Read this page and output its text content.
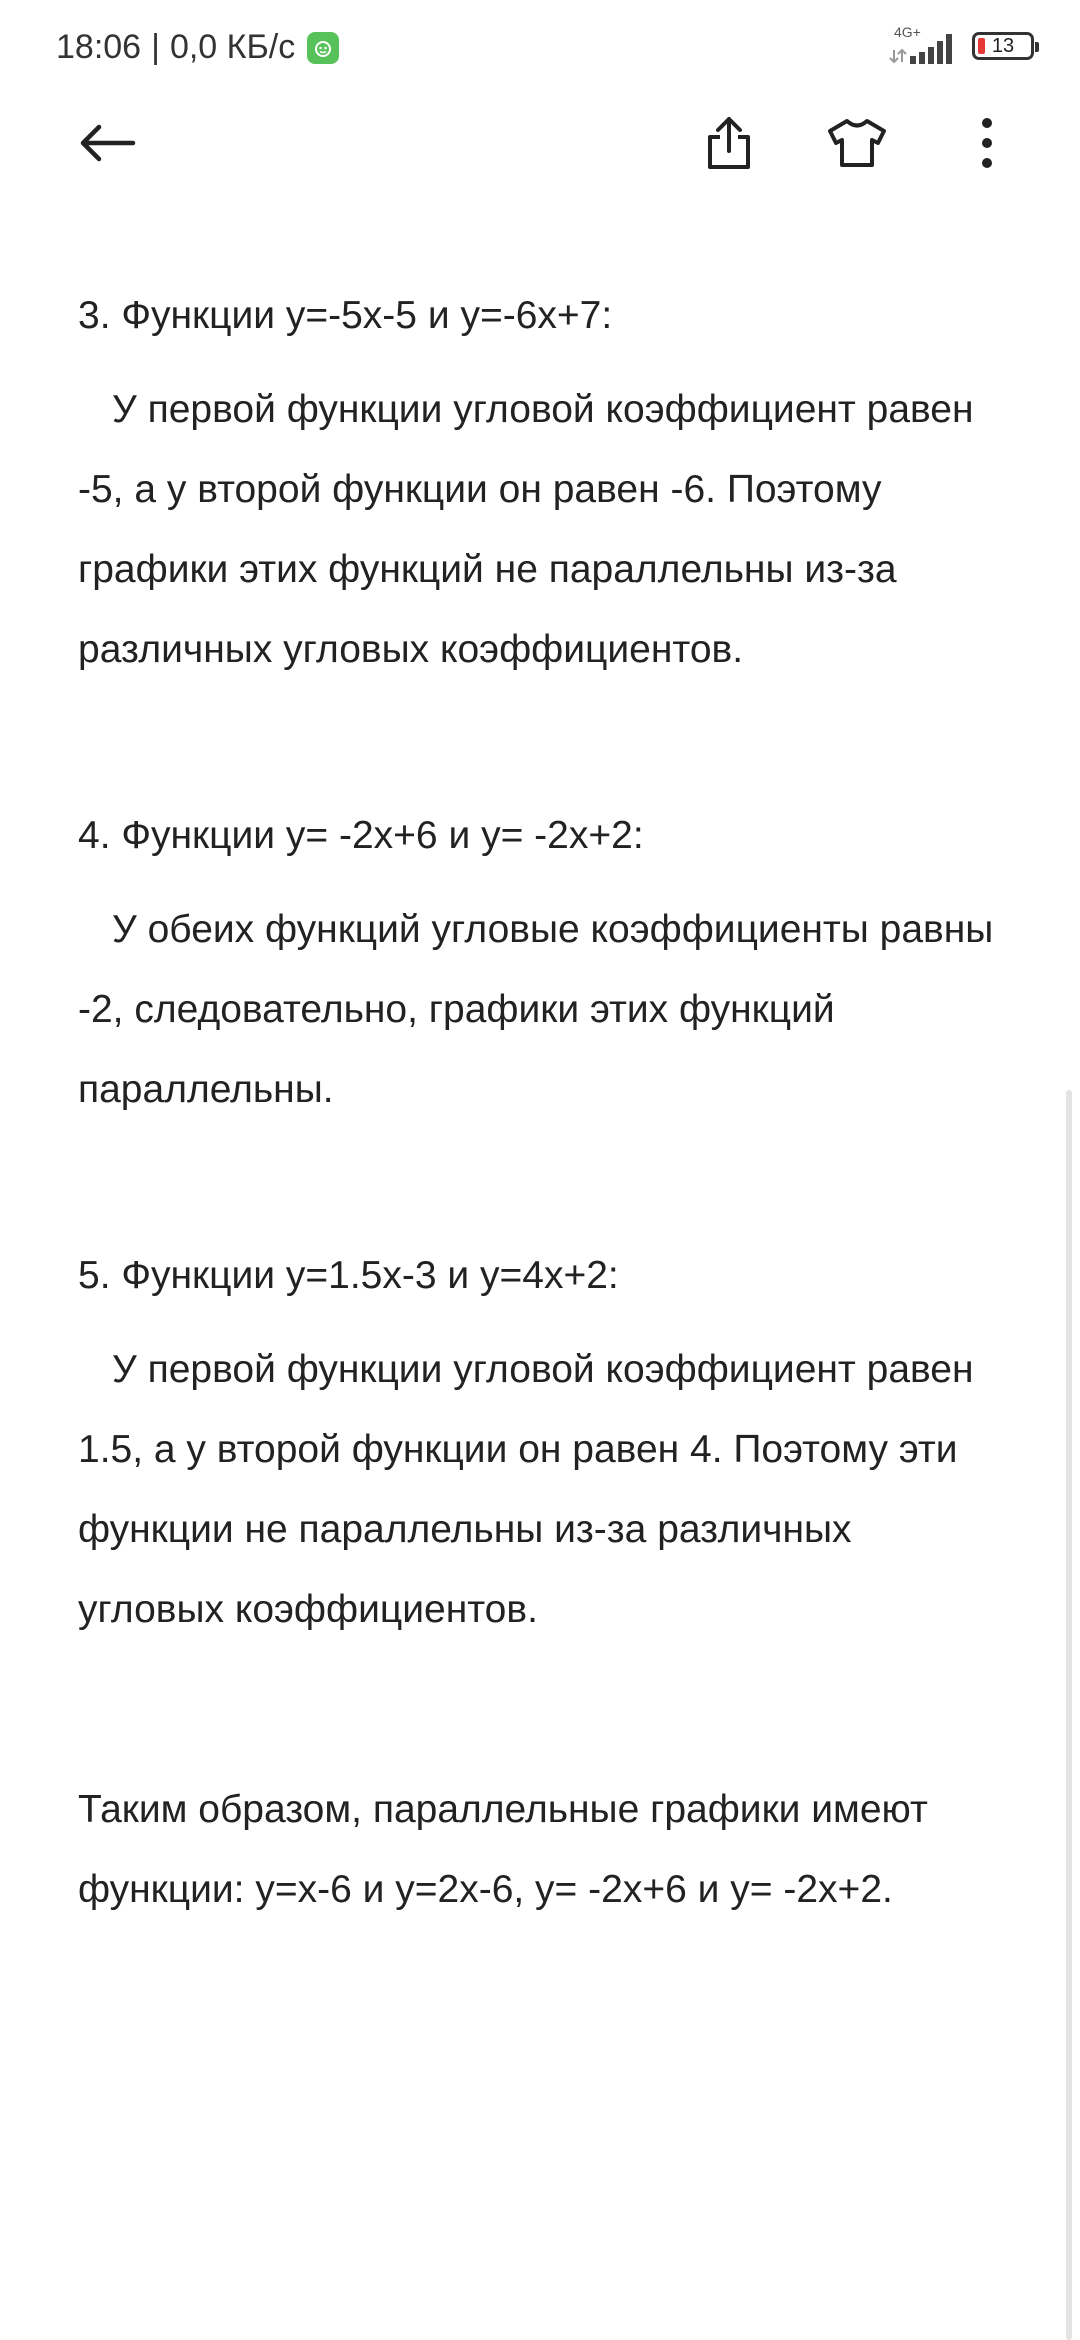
18:06 | 0,0 КБ/с	4G+
13

3. Функции y=-5x-5 и y=-6x+7:

У первой функции угловой коэффициент равен -5, а у второй функции он равен -6. Поэтому графики этих функций не параллельны из-за различных угловых коэффициентов.

4. Функции y= -2x+6 и y= -2x+2:

У обеих функций угловые коэффициенты равны -2, следовательно, графики этих функций параллельны.

5. Функции y=1.5x-3 и y=4x+2:

У первой функции угловой коэффициент равен 1.5, а у второй функции он равен 4. Поэтому эти функции не параллельны из-за различных угловых коэффициентов.

Таким образом, параллельные графики имеют функции: y=x-6 и y=2x-6, y= -2x+6 и y= -2x+2.
